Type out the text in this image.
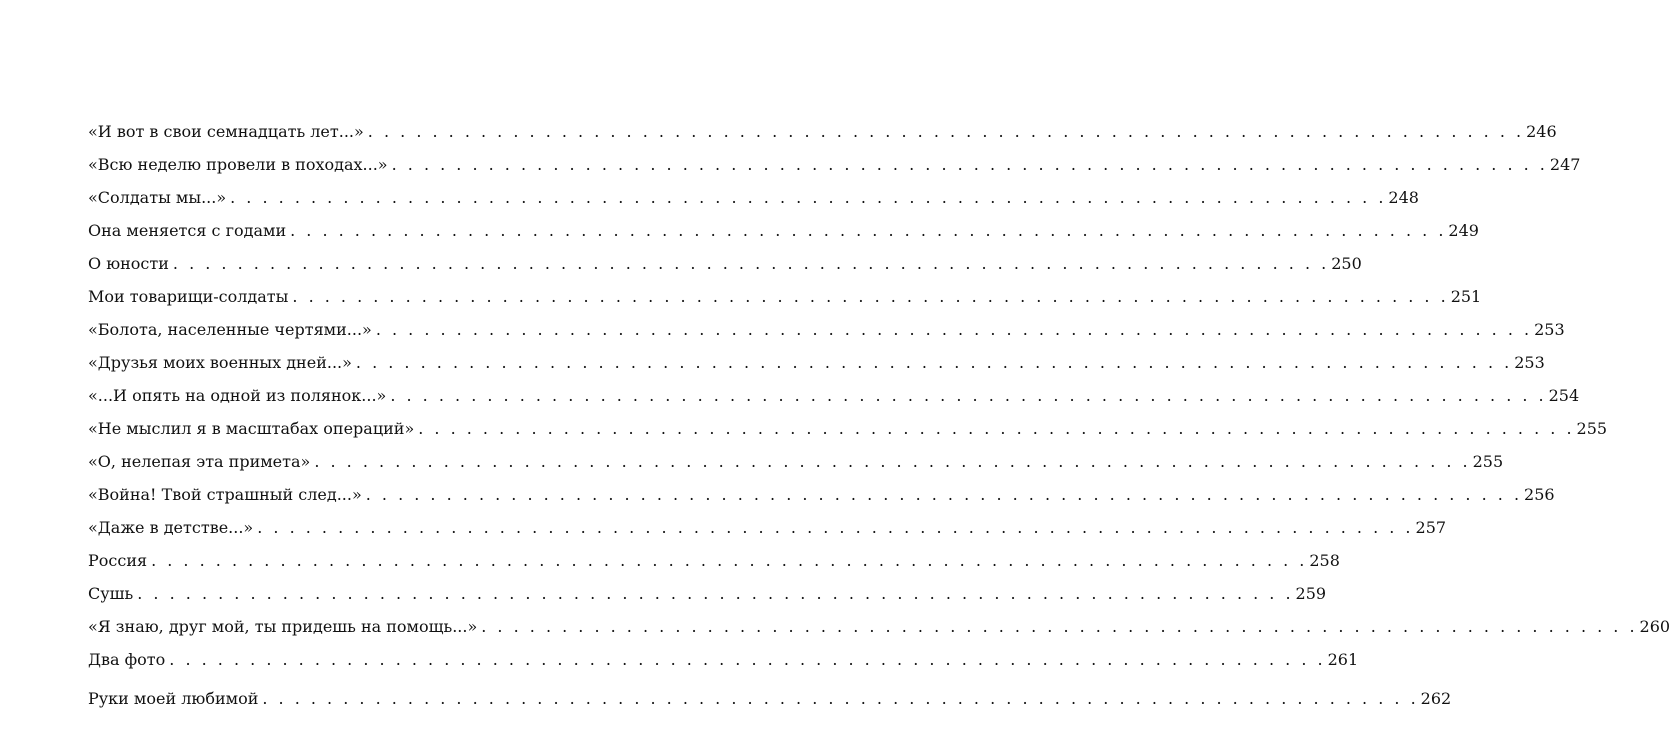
«И вот в свои семнадцать лет...» . . .	246
«Всю неделю провели в походах...» . . .	247
«Солдаты мы...» . . .	248
Она меняется с годами . . .	249
О юности . . .	250
Мои товарищи-солдаты . . .	251
«Болота, населенные чертями...» . . .	253
«Друзья моих военных дней...» . . .	253
«...И опять на одной из полянок...» . . .	254
«Не мыслил я в масштабах операций» . . .	255
«О, нелепая эта примета» . . .	255
«Война! Твой страшный след...» . . .	256
«Даже в детстве...» . . .	257
Россия . . .	258
Сушь . . .	259
«Я знаю, друг мой, ты придешь на помощь...» . . .	260
Два фото . . .	261
Руки моей любимой . . .	262
